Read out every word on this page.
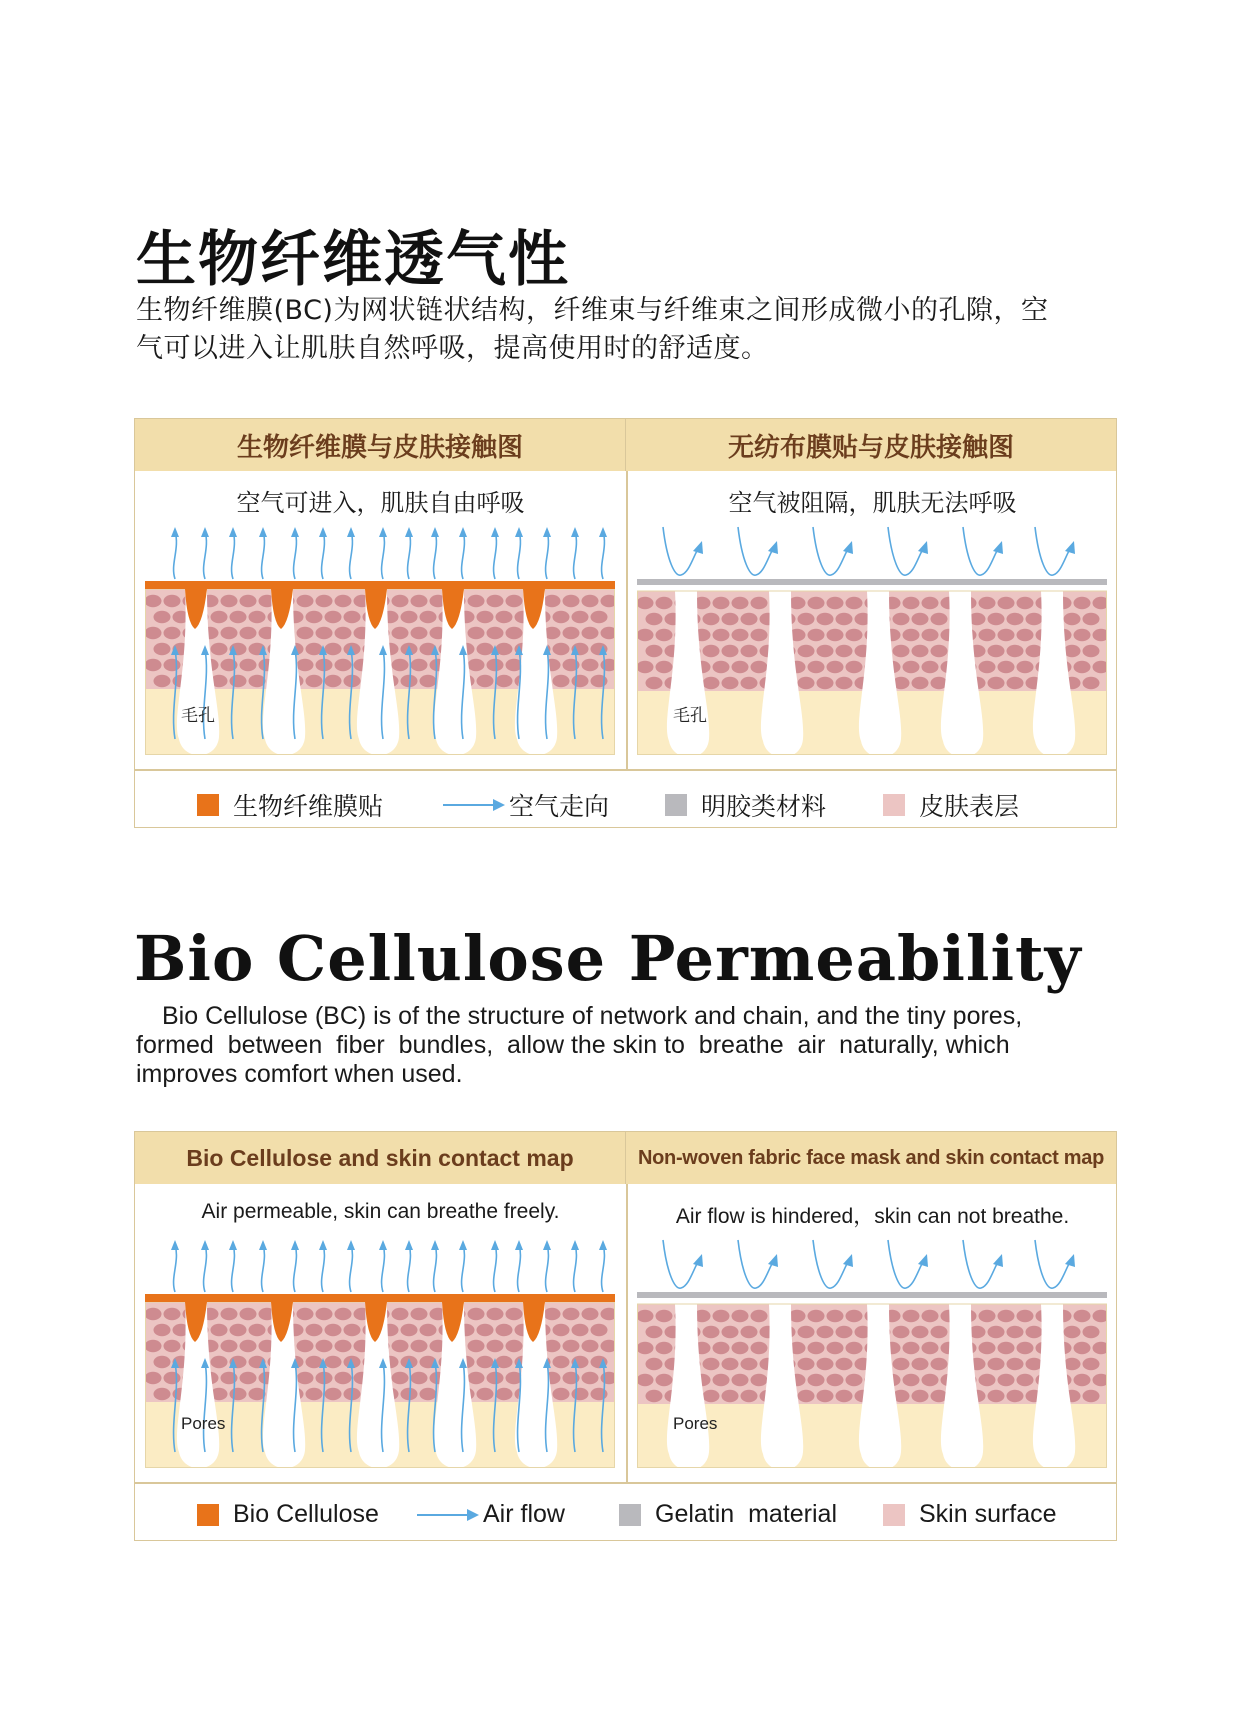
生物纤维透气性

生物纤维膜(BC)为网状链状结构，纤维束与纤维束之间形成微小的孔隙，空
气可以进入让肌肤自然呼吸，提高使用时的舒适度。

生物纤维膜与皮肤接触图	无纺布膜贴与皮肤接触图
空气可进入，肌肤自由呼吸	空气被阻隔，肌肤无法呼吸
毛孔	毛孔
生物纤维膜贴	空气走向	明胶类材料	皮肤表层
Bio Cellulose Permeability

Bio Cellulose (BC) is of the structure of network and chain, and the tiny pores,
formed  between  fiber  bundles,  allow the skin to  breathe  air  naturally, which
improves comfort when used.

Bio Cellulose and skin contact map	Non-woven fabric face mask and skin contact map
Air permeable, skin can breathe freely.	Air flow is hindered，skin can not breathe.
Pores	Pores
Bio Cellulose	Air flow	Gelatin  material	Skin surface
